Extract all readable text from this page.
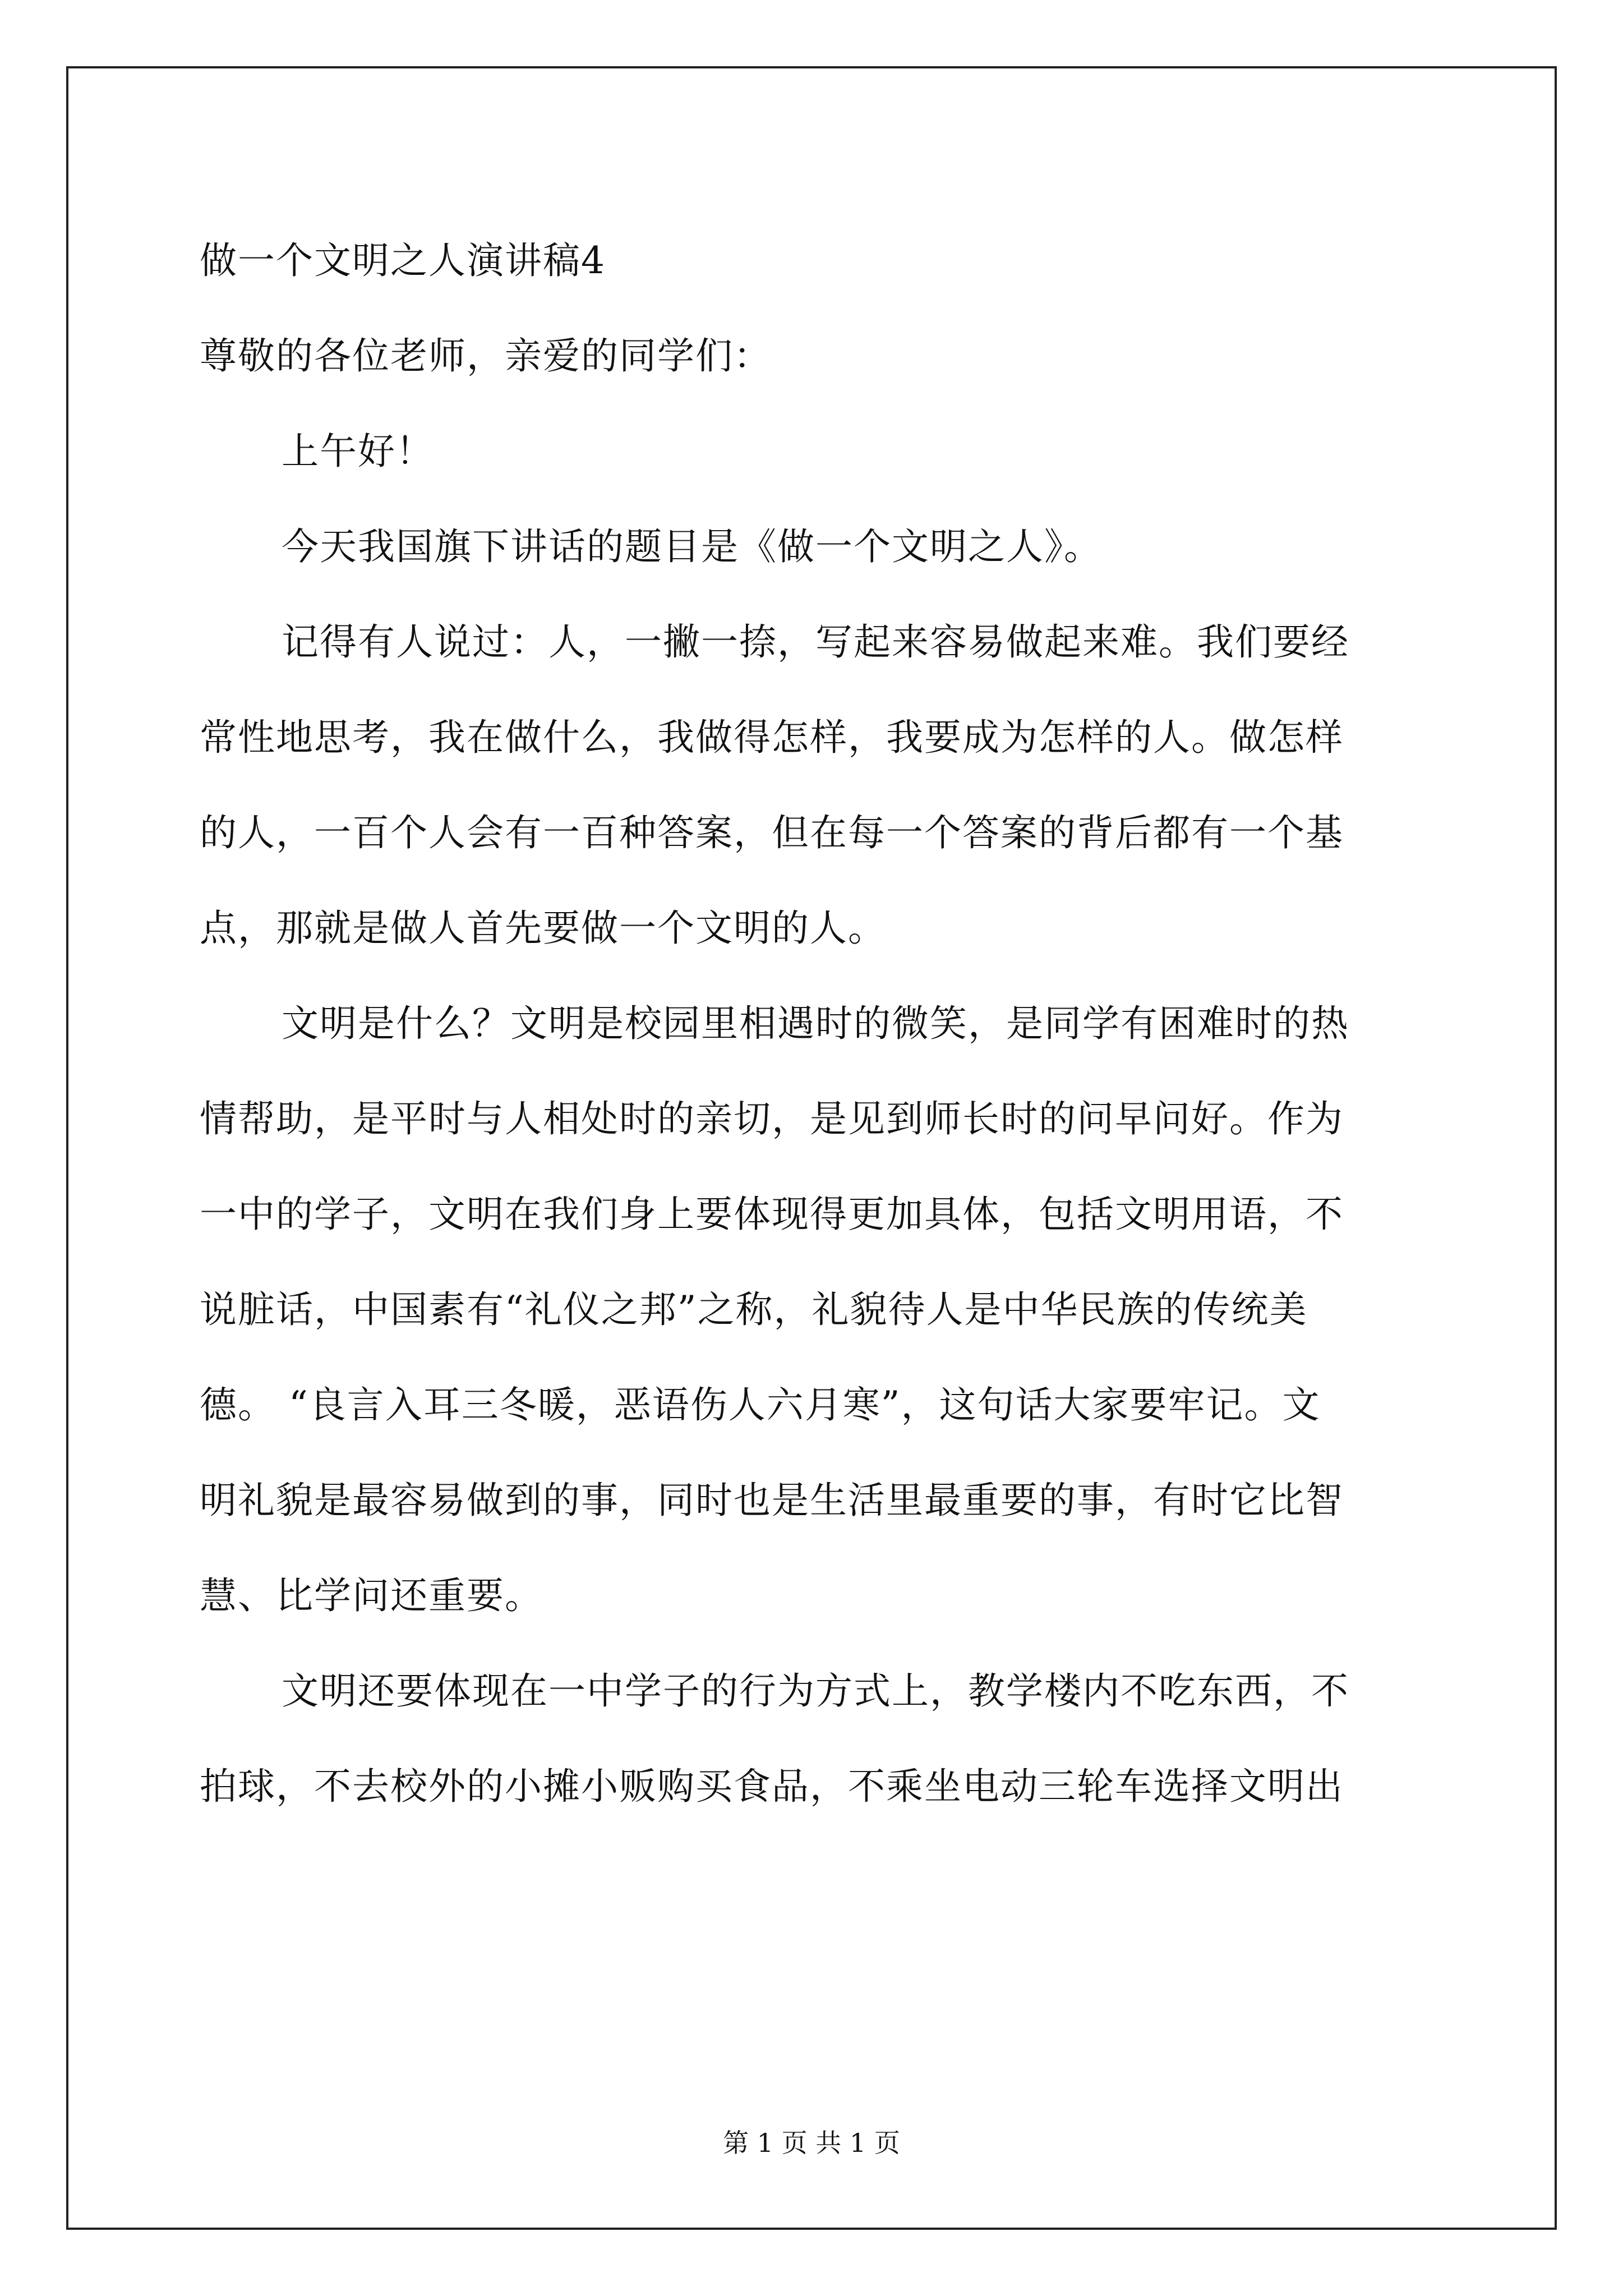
做一个文明之人演讲稿4
尊敬的各位老师，亲爱的同学们：
上午好！
今天我国旗下讲话的题目是《做一个文明之人》。
记得有人说过：人，一撇一捺，写起来容易做起来难。我们要经
常性地思考，我在做什么，我做得怎样，我要成为怎样的人。做怎样
的人，一百个人会有一百种答案，但在每一个答案的背后都有一个基
点，那就是做人首先要做一个文明的人。
文明是什么？文明是校园里相遇时的微笑，是同学有困难时的热
情帮助，是平时与人相处时的亲切，是见到师长时的问早问好。作为
一中的学子，文明在我们身上要体现得更加具体，包括文明用语，不
说脏话，中国素有“礼仪之邦”之称，礼貌待人是中华民族的传统美
德。 “良言入耳三冬暖，恶语伤人六月寒”，这句话大家要牢记。文
明礼貌是最容易做到的事，同时也是生活里最重要的事，有时它比智
慧、比学问还重要。
文明还要体现在一中学子的行为方式上，教学楼内不吃东西，不
拍球，不去校外的小摊小贩购买食品，不乘坐电动三轮车选择文明出
第 1 页 共 1 页
